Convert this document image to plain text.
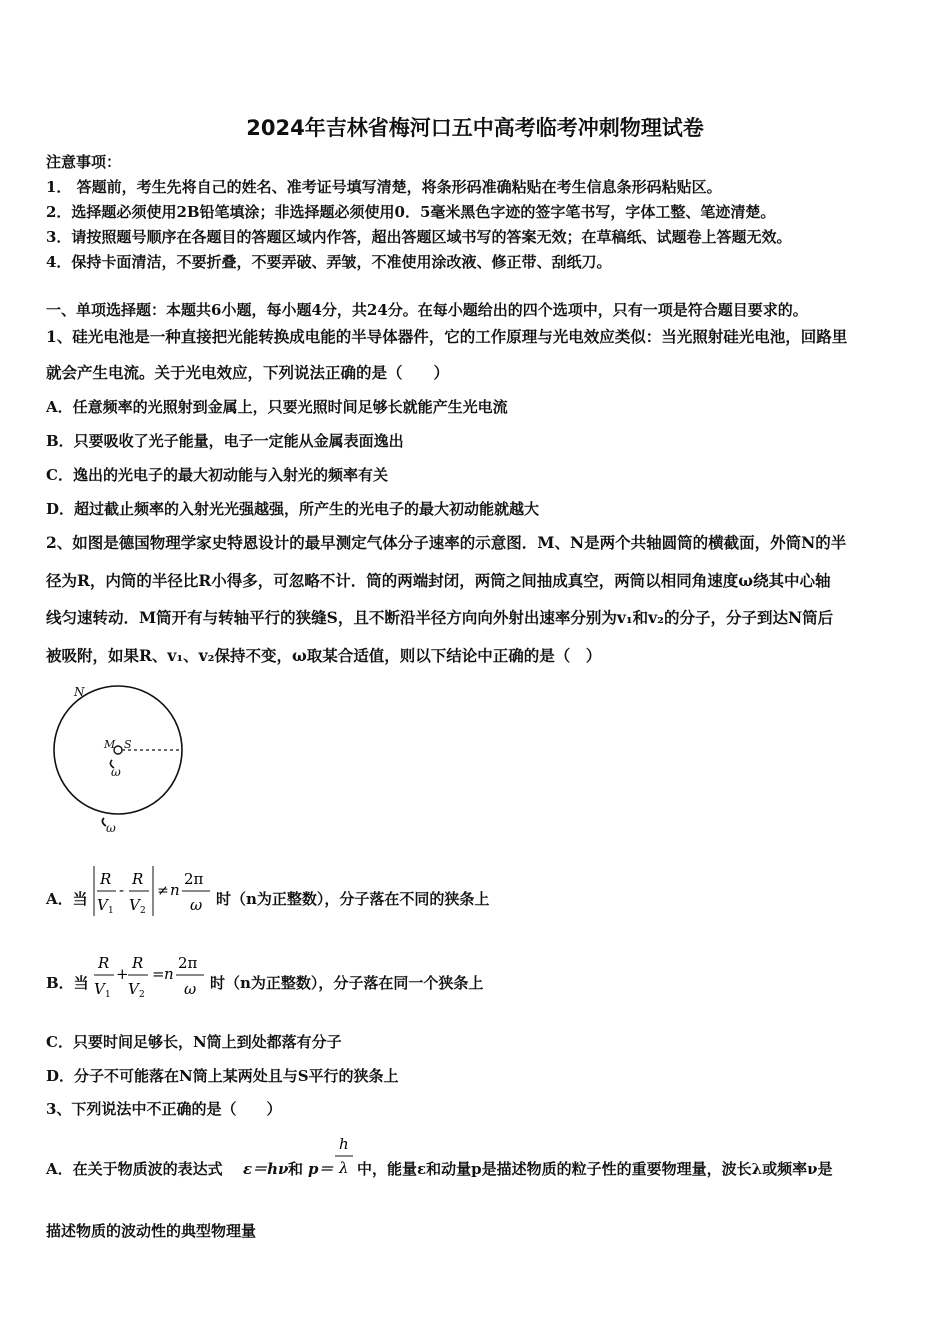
2024年吉林省梅河口五中高考临考冲刺物理试卷
注意事项：
1． 答题前，考生先将自己的姓名、准考证号填写清楚，将条形码准确粘贴在考生信息条形码粘贴区。
2．选择题必须使用2B铅笔填涂；非选择题必须使用0．5毫米黑色字迹的签字笔书写，字体工整、笔迹清楚。
3．请按照题号顺序在各题目的答题区域内作答，超出答题区域书写的答案无效；在草稿纸、试题卷上答题无效。
4．保持卡面清洁，不要折叠，不要弄破、弄皱，不准使用涂改液、修正带、刮纸刀。
一、单项选择题：本题共6小题，每小题4分，共24分。在每小题给出的四个选项中，只有一项是符合题目要求的。
1、硅光电池是一种直接把光能转换成电能的半导体器件，它的工作原理与光电效应类似：当光照射硅光电池，回路里
就会产生电流。关于光电效应，下列说法正确的是（　　）
A．任意频率的光照射到金属上，只要光照时间足够长就能产生光电流
B．只要吸收了光子能量，电子一定能从金属表面逸出
C．逸出的光电子的最大初动能与入射光的频率有关
D．超过截止频率的入射光光强越强，所产生的光电子的最大初动能就越大
2、如图是德国物理学家史特恩设计的最早测定气体分子速率的示意图．M、N是两个共轴圆筒的横截面，外筒N的半
径为R，内筒的半径比R小得多，可忽略不计．筒的两端封闭，两筒之间抽成真空，两筒以相同角速度ω绕其中心轴
线匀速转动．M筒开有与转轴平行的狭缝S，且不断沿半径方向向外射出速率分别为v₁和v₂的分子，分子到达N筒后
被吸附，如果R、v₁、v₂保持不变，ω取某合适值，则以下结论中正确的是（　）
N
M S
ω
ω
A．当
R
V 1
-
R
V 2
≠ n
2π
ω 时（n为正整数），分子落在不同的狭条上
B．当
R
V 1
+
R
V 2
= n
2π
ω 时（n为正整数），分子落在同一个狭条上
C．只要时间足够长，N筒上到处都落有分子
D．分子不可能落在N筒上某两处且与S平行的狭条上
3、下列说法中不正确的是（　　）
A．在关于物质波的表达式 ε＝hν 和 p＝
h
λ 中，能量ε和动量p是描述物质的粒子性的重要物理量，波长λ或频率ν是
描述物质的波动性的典型物理量
